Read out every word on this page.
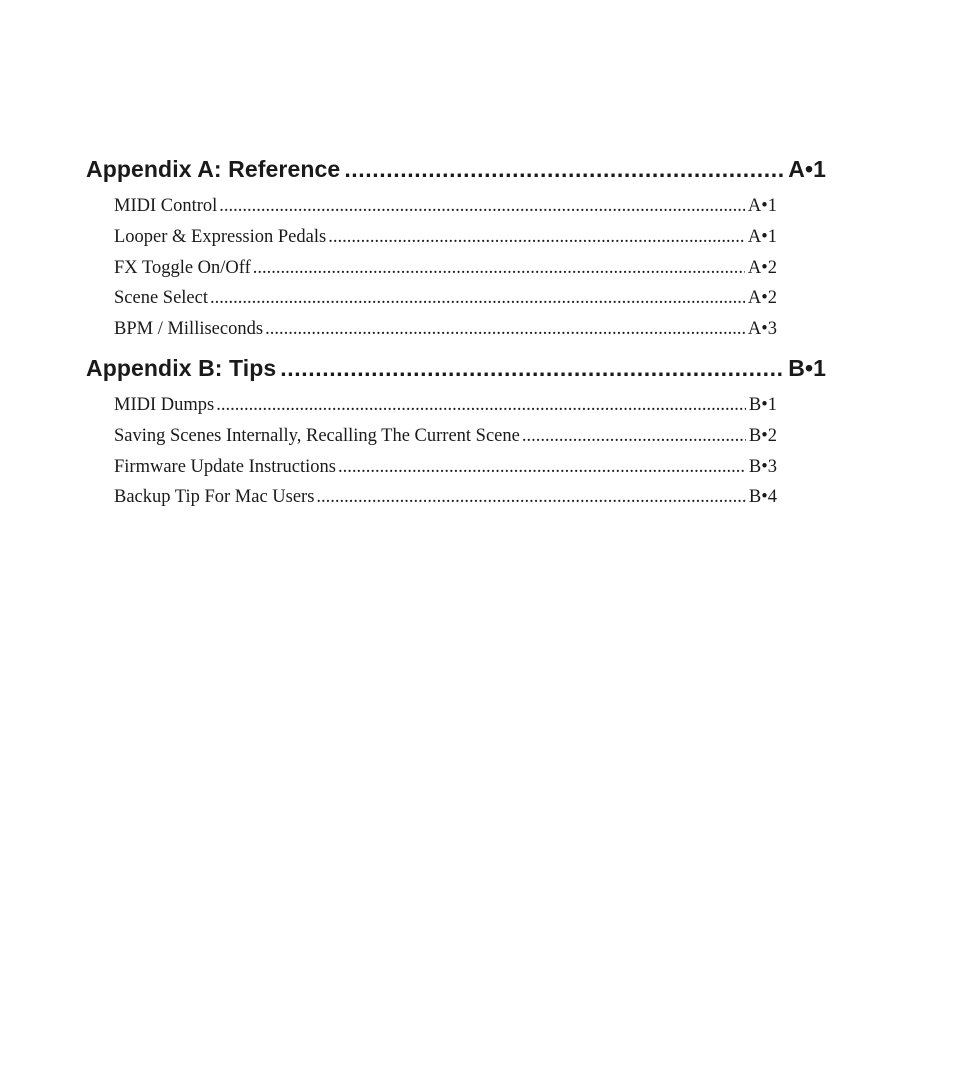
Appendix A: Reference .....	A•1
MIDI Control .....	A•1
Looper & Expression Pedals .....	A•1
FX Toggle On/Off .....	A•2
Scene Select .....	A•2
BPM / Milliseconds .....	A•3
Appendix B: Tips .....	B•1
MIDI Dumps .....	B•1
Saving Scenes Internally, Recalling The Current Scene .....	B•2
Firmware Update Instructions .....	B•3
Backup Tip For Mac Users .....	B•4
